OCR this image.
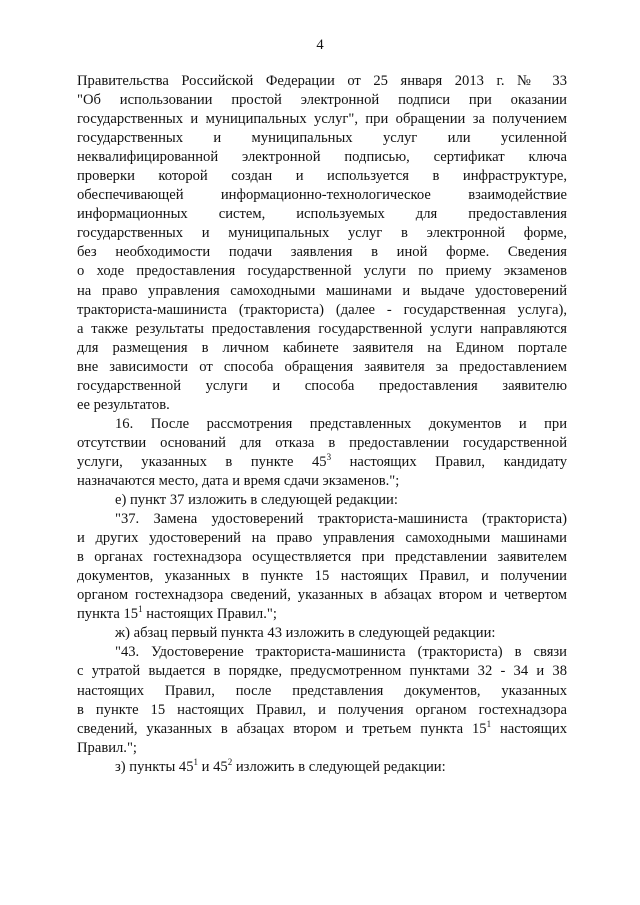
4
Правительства Российской Федерации от 25 января 2013 г. № 33
"Об использовании простой электронной подписи при оказании
государственных и муниципальных услуг", при обращении за получением
государственных и муниципальных услуг или усиленной
неквалифицированной электронной подписью, сертификат ключа
проверки которой создан и используется в инфраструктуре,
обеспечивающей информационно-технологическое взаимодействие
информационных систем, используемых для предоставления
государственных и муниципальных услуг в электронной форме,
без необходимости подачи заявления в иной форме. Сведения
о ходе предоставления государственной услуги по приему экзаменов
на право управления самоходными машинами и выдаче удостоверений
тракториста-машиниста (тракториста) (далее - государственная услуга),
а также результаты предоставления государственной услуги направляются
для размещения в личном кабинете заявителя на Едином портале
вне зависимости от способа обращения заявителя за предоставлением
государственной услуги и способа предоставления заявителю
ее результатов.
16. После рассмотрения представленных документов и при
отсутствии оснований для отказа в предоставлении государственной
услуги, указанных в пункте $45^3$ настоящих Правил, кандидату
назначаются место, дата и время сдачи экзаменов.";
е) пункт 37 изложить в следующей редакции:
"37. Замена удостоверений тракториста-машиниста (тракториста)
и других удостоверений на право управления самоходными машинами
в органах гостехнадзора осуществляется при представлении заявителем
документов, указанных в пункте 15 настоящих Правил, и получении
органом гостехнадзора сведений, указанных в абзацах втором и четвертом
пункта $15^1$ настоящих Правил.";
ж) абзац первый пункта 43 изложить в следующей редакции:
"43. Удостоверение тракториста-машиниста (тракториста) в связи
с утратой выдается в порядке, предусмотренном пунктами 32 - 34 и 38
настоящих Правил, после представления документов, указанных
в пункте 15 настоящих Правил, и получения органом гостехнадзора
сведений, указанных в абзацах втором и третьем пункта $15^1$ настоящих
Правил.";
з) пункты $45^1$ и $45^2$ изложить в следующей редакции:
